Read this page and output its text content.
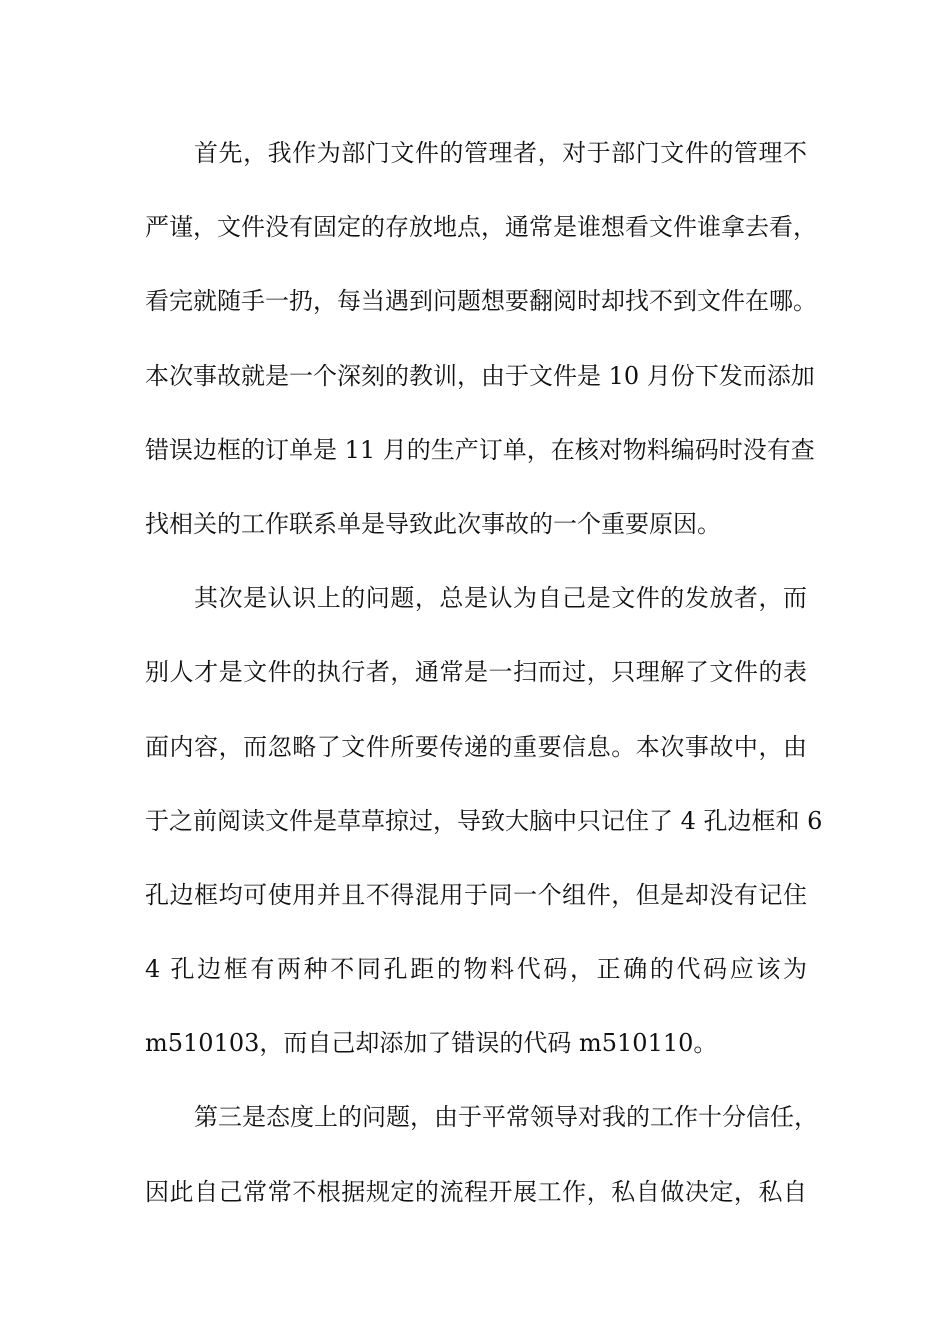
首先，我作为部门文件的管理者，对于部门文件的管理不
严谨，文件没有固定的存放地点，通常是谁想看文件谁拿去看，
看完就随手一扔，每当遇到问题想要翻阅时却找不到文件在哪。
本次事故就是一个深刻的教训，由于文件是 10 月份下发而添加
错误边框的订单是 11 月的生产订单，在核对物料编码时没有查
找相关的工作联系单是导致此次事故的一个重要原因。
其次是认识上的问题，总是认为自己是文件的发放者，而
别人才是文件的执行者，通常是一扫而过，只理解了文件的表
面内容，而忽略了文件所要传递的重要信息。本次事故中，由
于之前阅读文件是草草掠过，导致大脑中只记住了 4 孔边框和 6
孔边框均可使用并且不得混用于同一个组件，但是却没有记住
4 孔边框有两种不同孔距的物料代码，正确的代码应该为
m510103，而自己却添加了错误的代码 m510110。
第三是态度上的问题，由于平常领导对我的工作十分信任，
因此自己常常不根据规定的流程开展工作，私自做决定，私自
